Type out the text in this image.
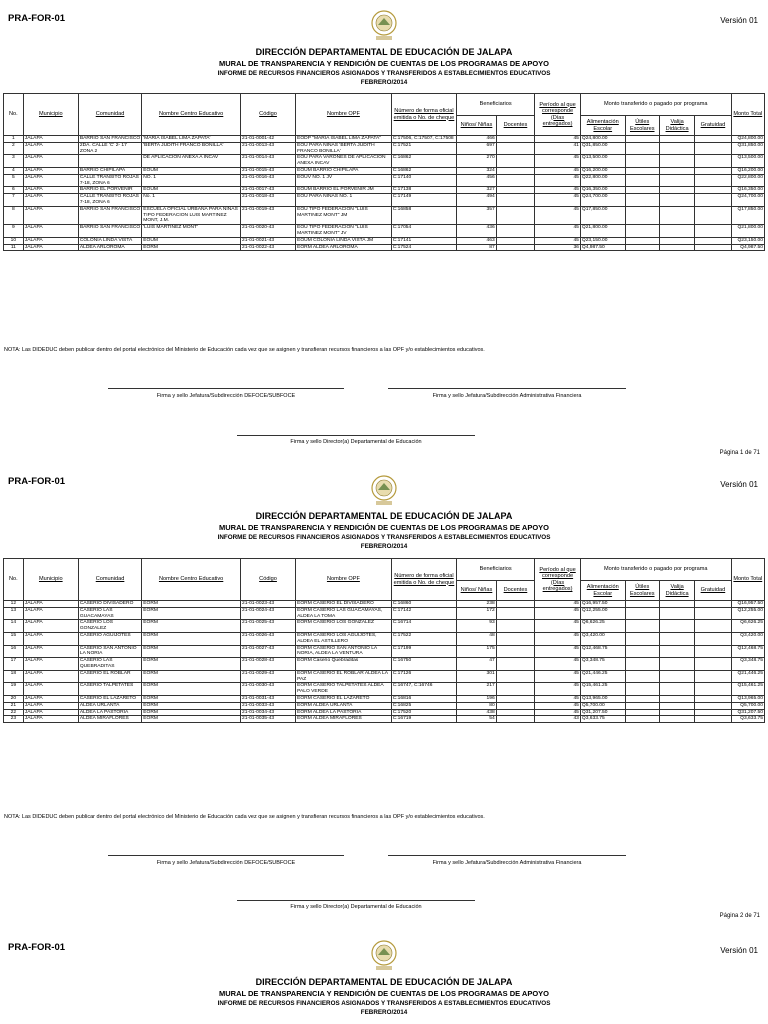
PRA-FOR-01	Versión 01
DIRECCIÓN DEPARTAMENTAL DE EDUCACIÓN DE JALAPA
MURAL DE TRANSPARENCIA Y RENDICIÓN DE CUENTAS DE LOS PROGRAMAS DE APOYO
INFORME DE RECURSOS FINANCIEROS ASIGNADOS Y TRANSFERIDOS A ESTABLECIMIENTOS EDUCATIVOS
FEBRERO/2014
No.	Municipio	Comunidad	Nombre Centro Educativo	Código	Nombre OPF	Número de forma oficial emitida o No. de cheque	Beneficiarios		Período al que corresponde
(Días entregados)	Monto transferido o pagado por programa				Monto Total
							Niños/ Niñas	Docentes		Alimentación Escolar	Útiles Escolares	Valija Didáctica	Gratuidad	
1	JALAPA	BARRIO SAN FRANCISCO	'MARIA ISABEL LIMA ZAPATA'	21-01-0001-42	EODP "MARIA ISABEL LIMA ZAPATA"	C:17506, C:17507, C:17508	466		45	Q24,800.00				Q24,800.00
2	JALAPA	2DA. CALLE 'C' 2- 17 ZONA 2	'BERTA JUDITH FRANCO BONILLA'	21-01-0013-43	EOU PARA NIÑAS 'BERTA JUDITH FRANCO BONILLA'	C:17521	697		41	Q31,850.00				Q31,850.00
3	JALAPA		DE APLICACIÓN ANEXA A INCAV	21-01-0014-43	EOU PARA VARONES DE APLICACIÓN ANEXA INCAV	C:16862	270		45	Q13,500.00				Q13,500.00
4	JALAPA	BARRIO CHIPILAPA	EOUM	21-01-0015-43	EOUM BARRIO CHIPILAPA	C:16862	324		45	Q16,200.00				Q16,200.00
5	JALAPA	CALLE TRANSITO ROJAS 7-18, ZONA 6	NO. 1	21-01-0016-43	EOUV NO. 1 JV	C:17140	456		45	Q22,800.00				Q22,800.00
6	JALAPA	BARRIO EL PORVENIR	EOUM	21-01-0017-43	EOUM BARRIO EL PORVENIR JM	C:17138	327		45	Q16,350.00				Q16,350.00
7	JALAPA	CALLE TRANSITO ROJAS 7-18, ZONA 6	No. 1	21-01-0018-43	EOU PARA NIÑAS NO. 1	C:17149	494		45	Q24,700.00				Q24,700.00
8	JALAPA	BARRIO SAN FRANCISCO	ESCUELA OFICIAL URBANA PARA NIÑAS TIPO FEDERACION LUIS MARTINEZ MONT, J.M.	21-01-0019-43	EOU TIPO FEDERACION "LUIS MARTINEZ MONT" JM	C:16858	357		45	Q17,850.00				Q17,850.00
9	JALAPA	BARRIO SAN FRANCISCO	'LUIS MARTINEZ MONT'	21-01-0020-43	EOU TIPO FEDERACION "LUIS MARTINEZ MONT" JV	C:17054	436		45	Q21,800.00				Q21,800.00
10	JALAPA	COLONIA LINDA VISTA	EOUM	21-01-0021-43	EOUM COLONIA LINDA VISTA JM	C:17141	463		45	Q23,150.00				Q23,150.00
11	JALAPA	ALDEA ARLOROMA	EORM	21-01-0022-43	EORM ALDEA ARLOROMA	C:17524	87		36	Q4,987.50				Q4,987.50
NOTA: Las DIDEDUC deben publicar dentro del portal electrónico del Ministerio de Educación cada vez que se asignen y transfieran recursos financieros a las OPF y/o establecimientos educativos.
Firma y sello Jefatura/Subdirección DEFOCE/SUBFOCE	Firma y sello Jefatura/Subdirección Administrativa Financiera
Firma y sello Director(a) Departamental de Educación
Página 1 de 71
PRA-FOR-01	Versión 01
DIRECCIÓN DEPARTAMENTAL DE EDUCACIÓN DE JALAPA
MURAL DE TRANSPARENCIA Y RENDICIÓN DE CUENTAS DE LOS PROGRAMAS DE APOYO
INFORME DE RECURSOS FINANCIEROS ASIGNADOS Y TRANSFERIDOS A ESTABLECIMIENTOS EDUCATIVOS
FEBRERO/2014
No.	Municipio	Comunidad	Nombre Centro Educativo	Código	Nombre OPF	Número de forma oficial emitida o No. de cheque	Beneficiarios		Período al que corresponde
(Días entregados)	Monto transferido o pagado por programa				Monto Total
							Niños/ Niñas	Docentes		Alimentación Escolar	Útiles Escolares	Valija Didáctica	Gratuidad	
12	JALAPA	CASERIO DIVISADERO	EORM	21-01-0023-43	EORM CASERIO EL DIVISADERO	C:16860	238		45	Q16,957.50				Q16,957.50
13	JALAPA	CASERIO LAS GUACAMAYAS	EORM	21-01-0024-43	EORM CASERIO LAS GUACAMAYAS, ALDEA LA TOMA	C:17142	172		45	Q12,255.00				Q12,255.00
14	JALAPA	CASERIO LOS GONZALEZ	EORM	21-01-0025-43	EORM CASERIO LOS GONZALEZ	C:16714	93		45	Q6,626.25				Q6,626.25
15	JALAPA	CASERIO AGUIJOTES	EORM	21-01-0026-43	EORM CASERIO LOS AGÜIJOTES, ALDEA EL ASTILLERO	C:17522	48		45	Q3,420.00				Q3,420.00
16	JALAPA	CASERIO SAN ANTONIO LA NORIA	EORM	21-01-0027-43	EORM CASERIO SAN ANTONIO LA NORIA, ALDEA LA VENTURA	C:17199	175		45	Q12,468.75				Q12,468.75
17	JALAPA	CASERIO LAS QUEBRADITAS	EORM	21-01-0028-43	EORM Caserío Quebraditas	C:16750	47		45	Q3,348.75				Q3,348.75
18	JALAPA	CASERIO EL ROBLAR	EORM	21-01-0029-43	EORM CASERIO EL ROBLAR ALDEA LA PAZ	C:17126	301		45	Q21,446.25				Q21,446.25
19	JALAPA	CASERIO TALPETATES	EORM	21-01-0030-43	EORM CASERIO TALPETATES ALDEA PALO VERDE	C:16747, C:16746	217		45	Q15,461.25				Q15,461.25
20	JALAPA	CASERIO EL LAZARETO	EORM	21-01-0031-43	EORM CASERIO EL LAZARETO	C:16816	196		45	Q13,965.00				Q13,965.00
21	JALAPA	ALDEA URLANTA	EORM	21-01-0033-43	EORM ALDEA URLANTA	C:16825	80		45	Q5,700.00				Q5,700.00
22	JALAPA	ALDEA LA PASTORIA	EORM	21-01-0034-43	EORM ALDEA LA PASTORIA	C:17520	438		45	Q31,207.50				Q31,207.50
23	JALAPA	ALDEA MIRAFLORES	EORM	21-01-0035-43	EORM ALDEA MIRAFLORES	C:16719	54		43	Q3,633.75				Q3,633.75
NOTA: Las DIDEDUC deben publicar dentro del portal electrónico del Ministerio de Educación cada vez que se asignen y transfieran recursos financieros a las OPF y/o establecimientos educativos.
Firma y sello Jefatura/Subdirección DEFOCE/SUBFOCE	Firma y sello Jefatura/Subdirección Administrativa Financiera
Firma y sello Director(a) Departamental de Educación
Página 2 de 71
PRA-FOR-01	Versión 01
DIRECCIÓN DEPARTAMENTAL DE EDUCACIÓN DE JALAPA
MURAL DE TRANSPARENCIA Y RENDICIÓN DE CUENTAS DE LOS PROGRAMAS DE APOYO
INFORME DE RECURSOS FINANCIEROS ASIGNADOS Y TRANSFERIDOS A ESTABLECIMIENTOS EDUCATIVOS
FEBRERO/2014
